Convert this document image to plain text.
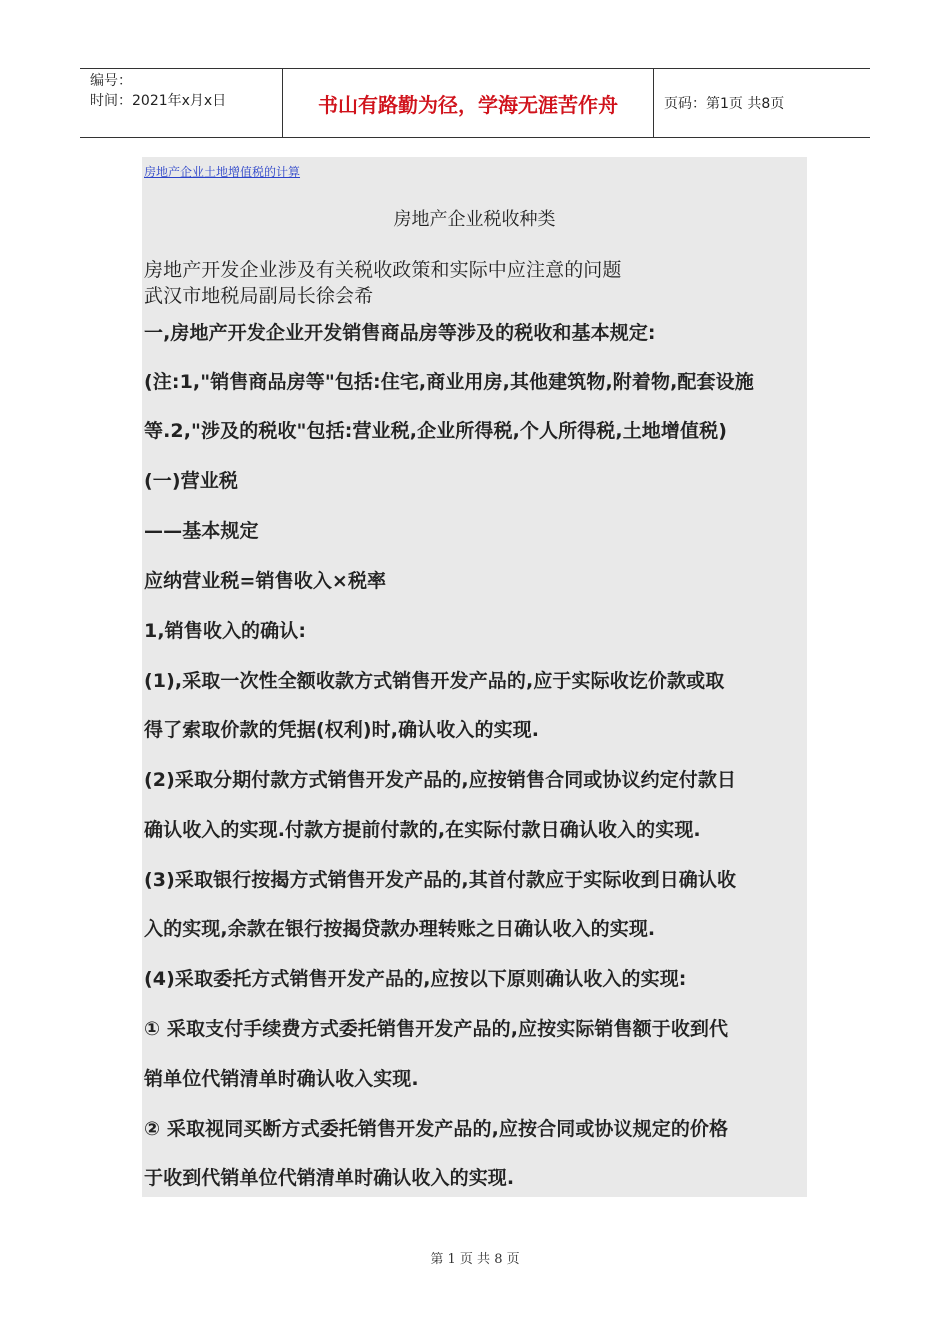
编号：
时间：2021年x月x日	书山有路勤为径，学海无涯苦作舟	页码：第1页 共8页
房地产企业土地增值税的计算
房地产企业税收种类
房地产开发企业涉及有关税收政策和实际中应注意的问题
武汉市地税局副局长徐会希
一,房地产开发企业开发销售商品房等涉及的税收和基本规定:
(注:1,"销售商品房等"包括:住宅,商业用房,其他建筑物,附着物,配套设施
等.2,"涉及的税收"包括:营业税,企业所得税,个人所得税,土地增值税)
(一)营业税
——基本规定
应纳营业税=销售收入×税率
1,销售收入的确认:
(1),采取一次性全额收款方式销售开发产品的,应于实际收讫价款或取
得了索取价款的凭据(权利)时,确认收入的实现.
(2)采取分期付款方式销售开发产品的,应按销售合同或协议约定付款日
确认收入的实现.付款方提前付款的,在实际付款日确认收入的实现.
(3)采取银行按揭方式销售开发产品的,其首付款应于实际收到日确认收
入的实现,余款在银行按揭贷款办理转账之日确认收入的实现.
(4)采取委托方式销售开发产品的,应按以下原则确认收入的实现:
① 采取支付手续费方式委托销售开发产品的,应按实际销售额于收到代
销单位代销清单时确认收入实现.
② 采取视同买断方式委托销售开发产品的,应按合同或协议规定的价格
于收到代销单位代销清单时确认收入的实现.
第 1 页 共 8 页
